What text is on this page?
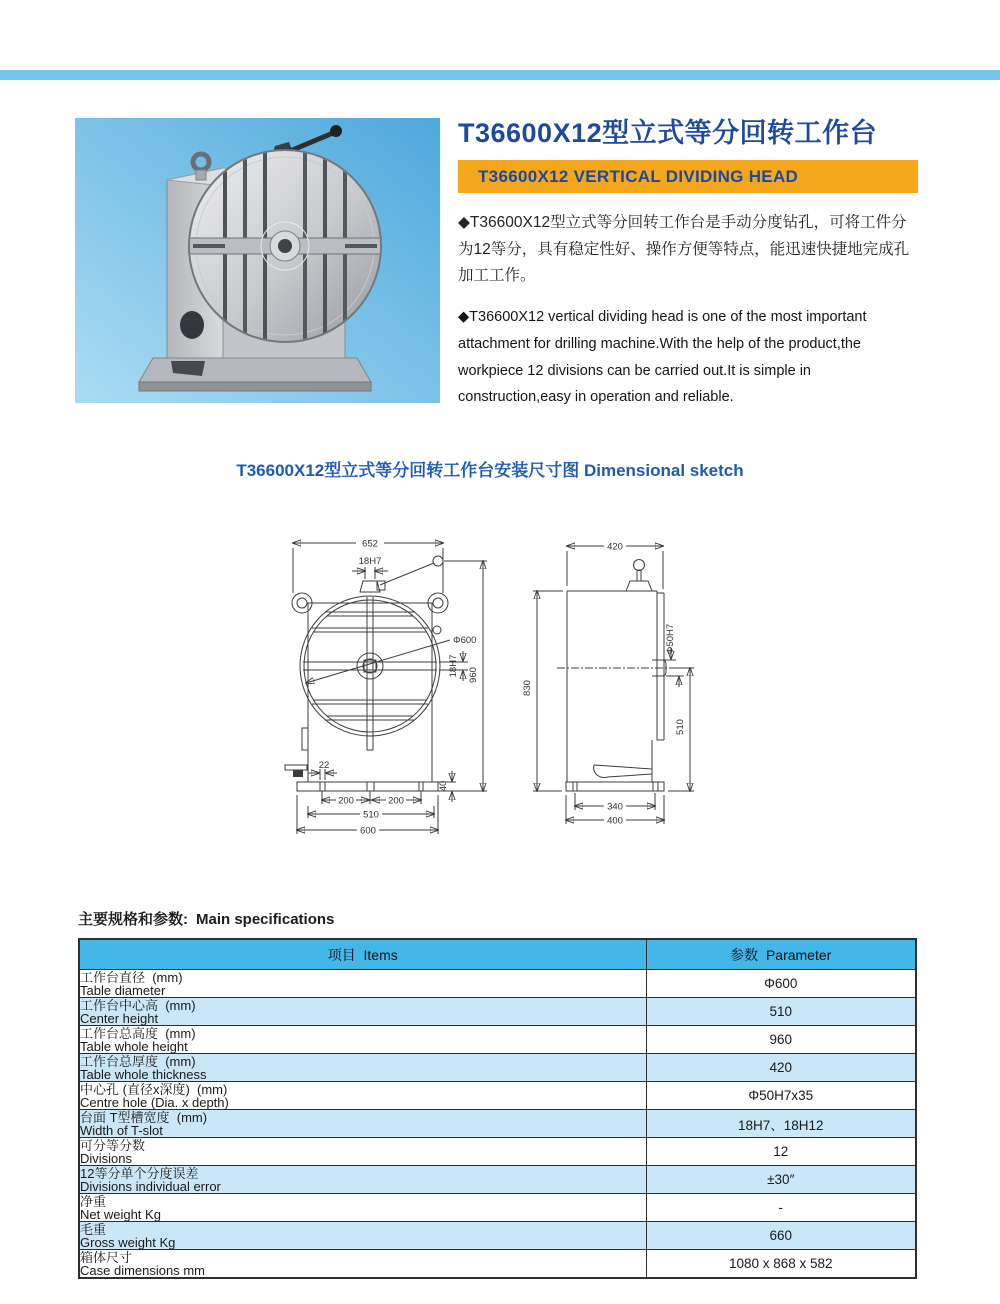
T36600X12型立式等分回转工作台
T36600X12 VERTICAL DIVIDING HEAD

◆T36600X12型立式等分回转工作台是手动分度钻孔，可将工件分为12等分，具有稳定性好、操作方便等特点，能迅速快捷地完成孔加工工作。

◆T36600X12 vertical dividing head is one of the most important attachment for drilling machine.With the help of the product,the workpiece 12 divisions can be carried out.It is simple in construction,easy in operation and reliable.

T36600X12型立式等分回转工作台安装尺寸图 Dimensional sketch
652
18H7
Φ600
18H7 960
22
200	200
510
600
40
420
Φ50H7
830
510
340
400
主要规格和参数: Main specifications
项目  Items	参数  Parameter

工作台直径  (mm)
Table diameter	Φ600

工作台中心高  (mm)
Center height	510

工作台总高度  (mm)
Table whole height	960

工作台总厚度  (mm)
Table whole thickness	420

中心孔 (直径x深度)  (mm)
Centre hole (Dia. x depth)	Φ50H7x35

台面 T型槽宽度  (mm)
Width of T-slot	18H7、18H12

可分等分数
Divisions	12

12等分单个分度误差
Divisions individual error	±30″

净重
Net weight Kg	-

毛重
Gross weight Kg	660

箱体尺寸
Case dimensions mm	1080 x 868 x 582
